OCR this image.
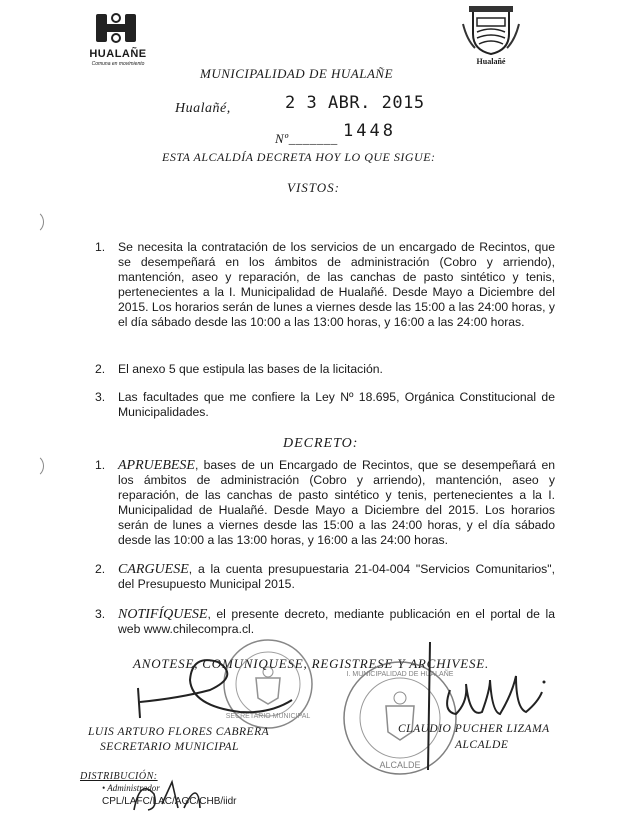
HUALAÑE
Comuna en movimiento	Hualañé
MUNICIPALIDAD DE HUALAÑE
Hualañé,	2 3 ABR. 2015
Nº_______ 1448
ESTA ALCALDÍA DECRETA HOY LO QUE SIGUE:
VISTOS:
1.	Se necesita la contratación de los servicios de un encargado de Recintos, que se desempeñará en los ámbitos de administración (Cobro y arriendo), mantención, aseo y reparación, de las canchas de pasto sintético y tenis, pertenecientes a la I. Municipalidad de Hualañé. Desde Mayo a Diciembre del 2015. Los horarios serán de lunes a viernes desde las 15:00 a las 24:00 horas, y el día sábado desde las 10:00 a las 13:00 horas, y 16:00 a las 24:00 horas.
2.	El anexo 5 que estipula las bases de la licitación.
3.	Las facultades que me confiere la Ley Nº 18.695, Orgánica Constitucional de Municipalidades.
DECRETO:
1. APRUEBESE, bases de un Encargado de Recintos, que se desempeñará en los ámbitos de administración (Cobro y arriendo), mantención, aseo y reparación, de las canchas de pasto sintético y tenis, pertenecientes a la I. Municipalidad de Hualañé. Desde Mayo a Diciembre del 2015. Los horarios serán de lunes a viernes desde las 15:00 a las 24:00 horas, y el día sábado desde las 10:00 a las 13:00 horas, y 16:00 a las 24:00 horas.
2. CARGUESE, a la cuenta presupuestaria 21-04-004 "Servicios Comunitarios", del Presupuesto Municipal 2015.
3. NOTIFÍQUESE, el presente decreto, mediante publicación en el portal de la web www.chilecompra.cl.
ANOTESE, COMUNIQUESE, REGISTRESE Y ARCHIVESE.
SECRETARIO MUNICIPAL
LUIS ARTURO FLORES CABRERA
SECRETARIO MUNICIPAL
I. MUNICIPALIDAD DE HUALAÑE
ALCALDE
CLAUDIO PUCHER LIZAMA
ALCALDE
DISTRIBUCIÓN:
• Administrador
CPL/LAFC/LAC/AGC/CHB/iidr
